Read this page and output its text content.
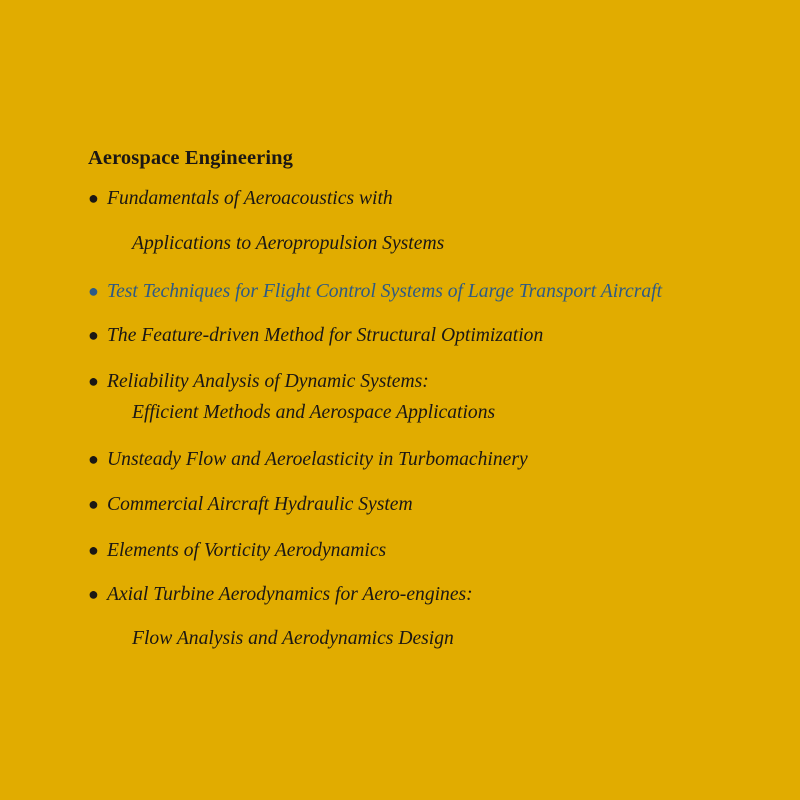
Aerospace Engineering
● Fundamentals of Aeroacoustics with
Applications to Aeropropulsion Systems
● Test Techniques for Flight Control Systems of Large Transport Aircraft
● The Feature-driven Method for Structural Optimization
● Reliability Analysis of Dynamic Systems:
Efficient Methods and Aerospace Applications
● Unsteady Flow and Aeroelasticity in Turbomachinery
● Commercial Aircraft Hydraulic System
● Elements of Vorticity Aerodynamics
● Axial Turbine Aerodynamics for Aero-engines:
Flow Analysis and Aerodynamics Design
